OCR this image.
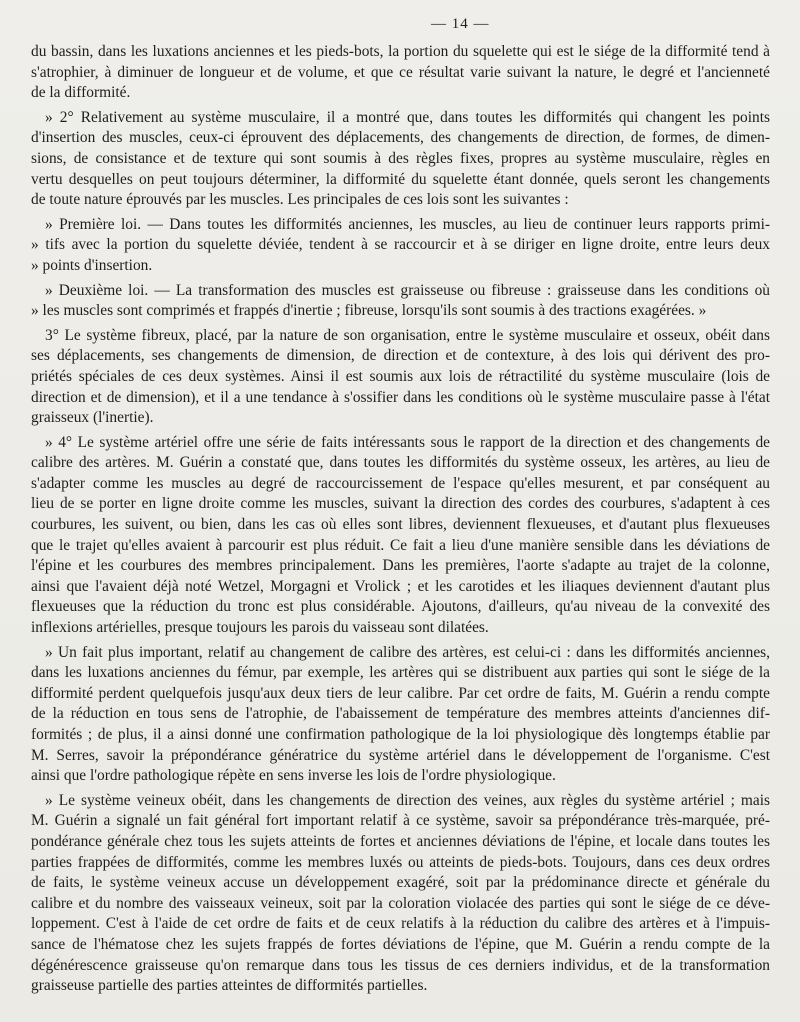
— 14 —
du bassin, dans les luxations anciennes et les pieds-bots, la portion du squelette qui est le siége de la difformité tend à
s'atrophier, à diminuer de longueur et de volume, et que ce résultat varie suivant la nature, le degré et l'ancienneté
de la difformité.
» 2° Relativement au système musculaire, il a montré que, dans toutes les difformités qui changent les points
d'insertion des muscles, ceux-ci éprouvent des déplacements, des changements de direction, de formes, de dimen-
sions, de consistance et de texture qui sont soumis à des règles fixes, propres au système musculaire, règles en
vertu desquelles on peut toujours déterminer, la difformité du squelette étant donnée, quels seront les changements
de toute nature éprouvés par les muscles. Les principales de ces lois sont les suivantes :
» Première loi. — Dans toutes les difformités anciennes, les muscles, au lieu de continuer leurs rapports primi-
» tifs avec la portion du squelette déviée, tendent à se raccourcir et à se diriger en ligne droite, entre leurs deux
» points d'insertion.
» Deuxième loi. — La transformation des muscles est graisseuse ou fibreuse : graisseuse dans les conditions où
» les muscles sont comprimés et frappés d'inertie ; fibreuse, lorsqu'ils sont soumis à des tractions exagérées. »
3° Le système fibreux, placé, par la nature de son organisation, entre le système musculaire et osseux, obéit dans
ses déplacements, ses changements de dimension, de direction et de contexture, à des lois qui dérivent des pro-
priétés spéciales de ces deux systèmes. Ainsi il est soumis aux lois de rétractilité du système musculaire (lois de
direction et de dimension), et il a une tendance à s'ossifier dans les conditions où le système musculaire passe à l'état
graisseux (l'inertie).
» 4° Le système artériel offre une série de faits intéressants sous le rapport de la direction et des changements de
calibre des artères. M. Guérin a constaté que, dans toutes les difformités du système osseux, les artères, au lieu de
s'adapter comme les muscles au degré de raccourcissement de l'espace qu'elles mesurent, et par conséquent au
lieu de se porter en ligne droite comme les muscles, suivant la direction des cordes des courbures, s'adaptent à ces
courbures, les suivent, ou bien, dans les cas où elles sont libres, deviennent flexueuses, et d'autant plus flexueuses
que le trajet qu'elles avaient à parcourir est plus réduit. Ce fait a lieu d'une manière sensible dans les déviations de
l'épine et les courbures des membres principalement. Dans les premières, l'aorte s'adapte au trajet de la colonne,
ainsi que l'avaient déjà noté Wetzel, Morgagni et Vrolick ; et les carotides et les iliaques deviennent d'autant plus
flexueuses que la réduction du tronc est plus considérable. Ajoutons, d'ailleurs, qu'au niveau de la convexité des
inflexions artérielles, presque toujours les parois du vaisseau sont dilatées.
» Un fait plus important, relatif au changement de calibre des artères, est celui-ci : dans les difformités anciennes,
dans les luxations anciennes du fémur, par exemple, les artères qui se distribuent aux parties qui sont le siége de la
difformité perdent quelquefois jusqu'aux deux tiers de leur calibre. Par cet ordre de faits, M. Guérin a rendu compte
de la réduction en tous sens de l'atrophie, de l'abaissement de température des membres atteints d'anciennes dif-
formités ; de plus, il a ainsi donné une confirmation pathologique de la loi physiologique dès longtemps établie par
M. Serres, savoir la prépondérance génératrice du système artériel dans le développement de l'organisme. C'est
ainsi que l'ordre pathologique répète en sens inverse les lois de l'ordre physiologique.
» Le système veineux obéit, dans les changements de direction des veines, aux règles du système artériel ; mais
M. Guérin a signalé un fait général fort important relatif à ce système, savoir sa prépondérance très-marquée, pré-
pondérance générale chez tous les sujets atteints de fortes et anciennes déviations de l'épine, et locale dans toutes les
parties frappées de difformités, comme les membres luxés ou atteints de pieds-bots. Toujours, dans ces deux ordres
de faits, le système veineux accuse un développement exagéré, soit par la prédominance directe et générale du
calibre et du nombre des vaisseaux veineux, soit par la coloration violacée des parties qui sont le siége de ce déve-
loppement. C'est à l'aide de cet ordre de faits et de ceux relatifs à la réduction du calibre des artères et à l'impuis-
sance de l'hématose chez les sujets frappés de fortes déviations de l'épine, que M. Guérin a rendu compte de la
dégénérescence graisseuse qu'on remarque dans tous les tissus de ces derniers individus, et de la transformation
graisseuse partielle des parties atteintes de difformités partielles.
